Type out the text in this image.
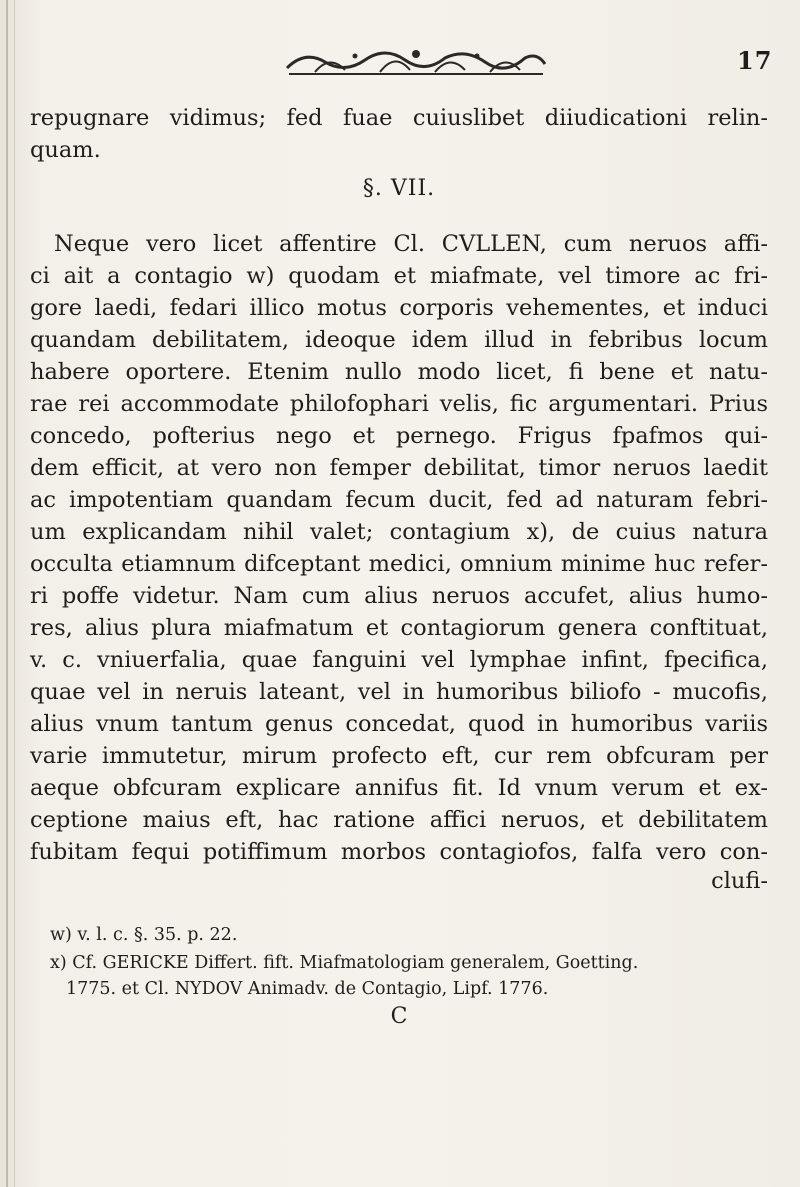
17
repugnare vidimus; fed fuae cuiuslibet diiudicationi relin-
quam.
§. VII.
Neque vero licet affentire Cl. CVLLEN, cum neruos affi-
ci ait a contagio w) quodam et miafmate, vel timore ac fri-
gore laedi, fedari illico motus corporis vehementes, et induci
quandam debilitatem, ideoque idem illud in febribus locum
habere oportere. Etenim nullo modo licet, fi bene et natu-
rae rei accommodate philofophari velis, fic argumentari. Prius
concedo, pofterius nego et pernego. Frigus fpafmos qui-
dem efficit, at vero non femper debilitat, timor neruos laedit
ac impotentiam quandam fecum ducit, fed ad naturam febri-
um explicandam nihil valet; contagium x), de cuius natura
occulta etiamnum difceptant medici, omnium minime huc refer-
ri poffe videtur. Nam cum alius neruos accufet, alius humo-
res, alius plura miafmatum et contagiorum genera conftituat,
v. c. vniuerfalia, quae fanguini vel lymphae infint, fpecifica,
quae vel in neruis lateant, vel in humoribus biliofo - mucofis,
alius vnum tantum genus concedat, quod in humoribus variis
varie immutetur, mirum profecto eft, cur rem obfcuram per
aeque obfcuram explicare annifus fit. Id vnum verum et ex-
ceptione maius eft, hac ratione affici neruos, et debilitatem
fubitam fequi potiffimum morbos contagiofos, falfa vero con-
clufi-
w) v. l. c. §. 35. p. 22.
x) Cf. GERICKE Differt. fift. Miafmatologiam generalem, Goetting.
1775. et Cl. NYDOV Animadv. de Contagio, Lipf. 1776.
C
